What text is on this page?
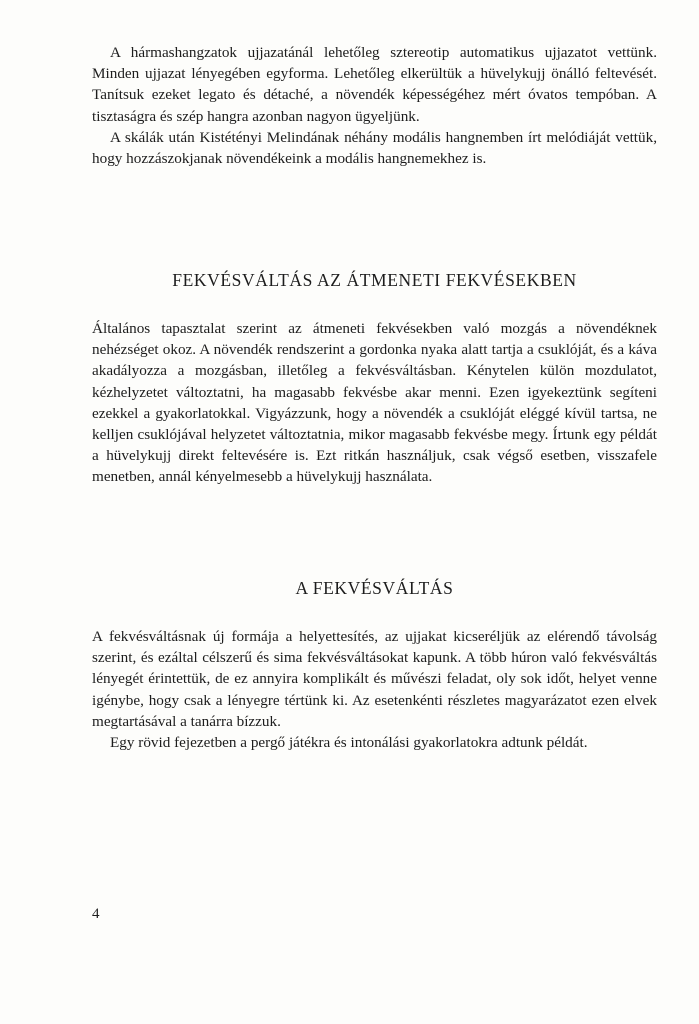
A hármashangzatok ujjazatánál lehetőleg sztereotip automatikus ujjazatot vettünk. Minden ujjazat lényegében egyforma. Lehetőleg elkerültük a hüvelykujj önálló feltevését. Tanítsuk ezeket legato és détaché, a növendék képességéhez mért óvatos tempóban. A tisztaságra és szép hangra azonban nagyon ügyeljünk.

A skálák után Kistétényi Melindának néhány modális hangnemben írt melódiáját vettük, hogy hozzászokjanak növendékeink a modális hangnemekhez is.

FEKVÉSVÁLTÁS AZ ÁTMENETI FEKVÉSEKBEN

Általános tapasztalat szerint az átmeneti fekvésekben való mozgás a növendéknek nehézséget okoz. A növendék rendszerint a gordonka nyaka alatt tartja a csuklóját, és a káva akadályozza a mozgásban, illetőleg a fekvésváltásban. Kénytelen külön mozdulatot, kézhelyzetet változtatni, ha magasabb fekvésbe akar menni. Ezen igyekeztünk segíteni ezekkel a gyakorlatokkal. Vigyázzunk, hogy a növendék a csuklóját eléggé kívül tartsa, ne kelljen csuklójával helyzetet változtatnia, mikor magasabb fekvésbe megy. Írtunk egy példát a hüvelykujj direkt feltevésére is. Ezt ritkán használjuk, csak végső esetben, visszafele menetben, annál kényelmesebb a hüvelykujj használata.

A FEKVÉSVÁLTÁS

A fekvésváltásnak új formája a helyettesítés, az ujjakat kicseréljük az elérendő távolság szerint, és ezáltal célszerű és sima fekvésváltásokat kapunk. A több húron való fekvésváltás lényegét érintettük, de ez annyira komplikált és művészi feladat, oly sok időt, helyet venne igénybe, hogy csak a lényegre tértünk ki. Az esetenkénti részletes magyarázatot ezen elvek megtartásával a tanárra bízzuk.

Egy rövid fejezetben a pergő játékra és intonálási gyakorlatokra adtunk példát.

4
